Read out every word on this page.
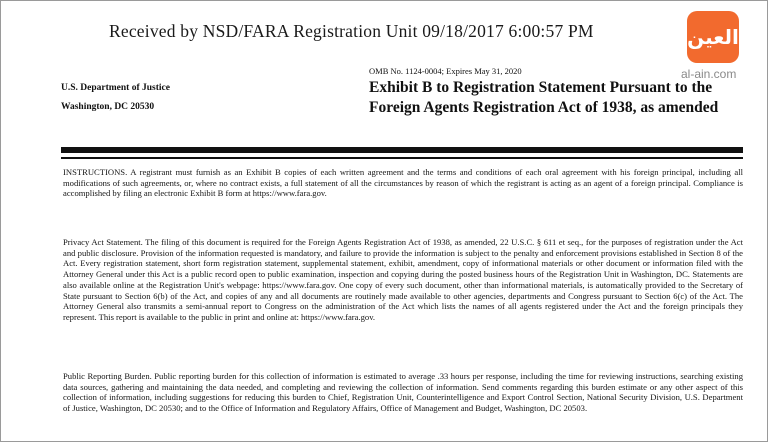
Received by NSD/FARA Registration Unit 09/18/2017 6:00:57 PM	العين
al-ain.com
U.S. Department of Justice
Washington, DC 20530
OMB No. 1124-0004; Expires May 31, 2020
Exhibit B to Registration Statement Pursuant to the Foreign Agents Registration Act of 1938, as amended
INSTRUCTIONS. A registrant must furnish as an Exhibit B copies of each written agreement and the terms and conditions of each oral agreement with his foreign principal, including all modifications of such agreements, or, where no contract exists, a full statement of all the circumstances by reason of which the registrant is acting as an agent of a foreign principal. Compliance is accomplished by filing an electronic Exhibit B form at https://www.fara.gov.
Privacy Act Statement. The filing of this document is required for the Foreign Agents Registration Act of 1938, as amended, 22 U.S.C. § 611 et seq., for the purposes of registration under the Act and public disclosure. Provision of the information requested is mandatory, and failure to provide the information is subject to the penalty and enforcement provisions established in Section 8 of the Act. Every registration statement, short form registration statement, supplemental statement, exhibit, amendment, copy of informational materials or other document or information filed with the Attorney General under this Act is a public record open to public examination, inspection and copying during the posted business hours of the Registration Unit in Washington, DC. Statements are also available online at the Registration Unit's webpage: https://www.fara.gov. One copy of every such document, other than informational materials, is automatically provided to the Secretary of State pursuant to Section 6(b) of the Act, and copies of any and all documents are routinely made available to other agencies, departments and Congress pursuant to Section 6(c) of the Act. The Attorney General also transmits a semi-annual report to Congress on the administration of the Act which lists the names of all agents registered under the Act and the foreign principals they represent. This report is available to the public in print and online at: https://www.fara.gov.
Public Reporting Burden. Public reporting burden for this collection of information is estimated to average .33 hours per response, including the time for reviewing instructions, searching existing data sources, gathering and maintaining the data needed, and completing and reviewing the collection of information. Send comments regarding this burden estimate or any other aspect of this collection of information, including suggestions for reducing this burden to Chief, Registration Unit, Counterintelligence and Export Control Section, National Security Division, U.S. Department of Justice, Washington, DC 20530; and to the Office of Information and Regulatory Affairs, Office of Management and Budget, Washington, DC 20503.
